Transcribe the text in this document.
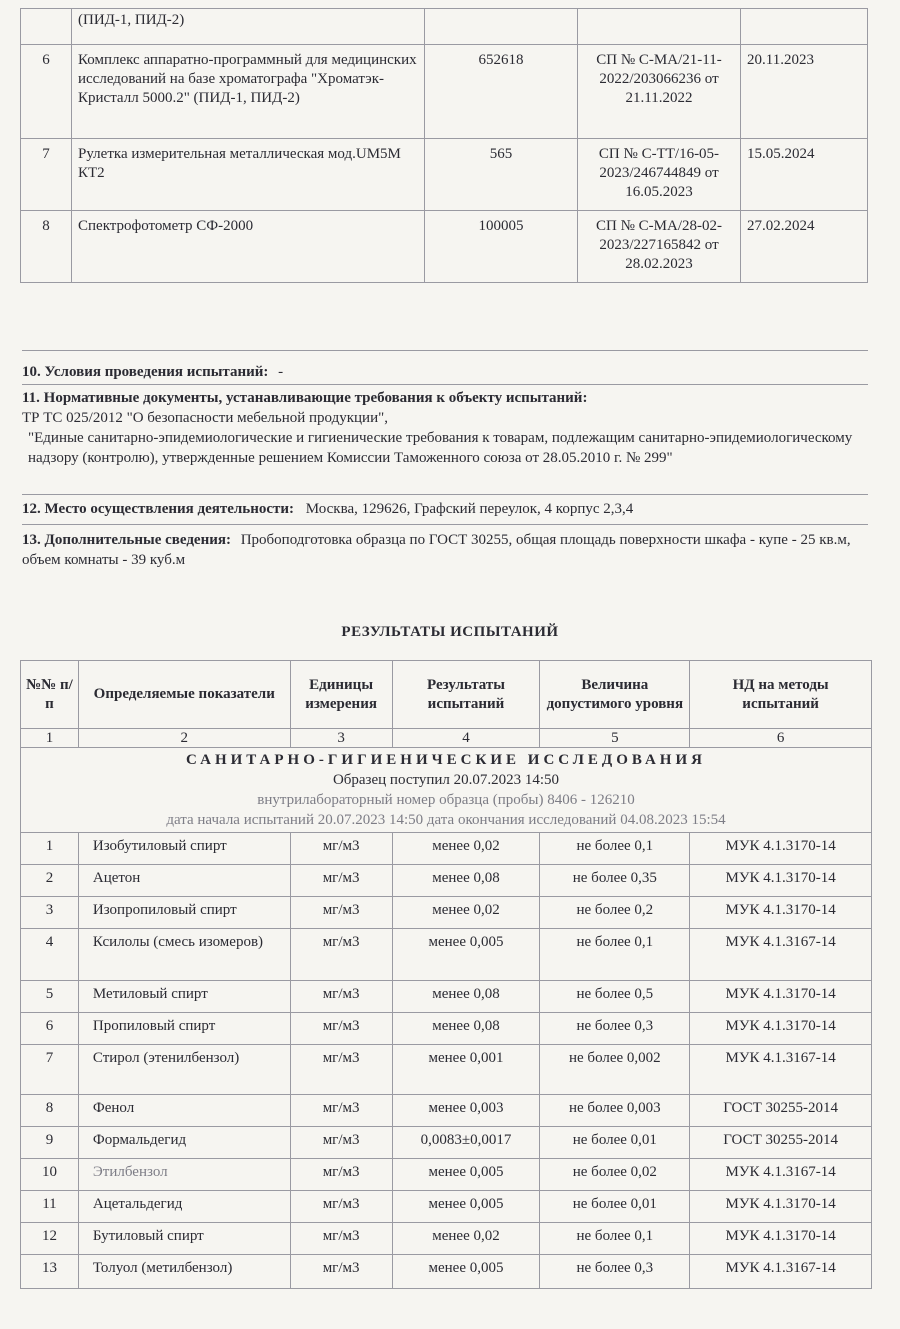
	(ПИД-1, ПИД-2)			
6	Комплекс аппаратно-программный для медицинских исследований на базе хроматографа "Хроматэк-Кристалл 5000.2" (ПИД-1, ПИД-2)	652618	СП № С-МА/21-11-2022/203066236 от 21.11.2022	20.11.2023
7	Рулетка измерительная металлическая мод.UM5M КТ2	565	СП № С-ТТ/16-05-2023/246744849 от 16.05.2023	15.05.2024
8	Спектрофотометр СФ-2000	100005	СП № С-МА/28-02-2023/227165842 от 28.02.2023	27.02.2024
10. Условия проведения испытаний: -
11. Нормативные документы, устанавливающие требования к объекту испытаний:
ТР ТС 025/2012 "О безопасности мебельной продукции",
"Единые санитарно-эпидемиологические и гигиенические требования к товарам, подлежащим санитарно-эпидемиологическому надзору (контролю), утвержденные решением Комиссии Таможенного союза от 28.05.2010 г. № 299"
12. Место осуществления деятельности: Москва, 129626, Графский переулок, 4 корпус 2,3,4
13. Дополнительные сведения: Пробоподготовка образца по ГОСТ 30255, общая площадь поверхности шкафа - купе - 25 кв.м, объем комнаты - 39 куб.м
РЕЗУЛЬТАТЫ ИСПЫТАНИЙ
№№ п/п	Определяемые показатели	Единицы измерения	Результаты испытаний	Величина допустимого уровня	НД на методы испытаний
1	2	3	4	5	6

САНИТАРНО-ГИГИЕНИЧЕСКИЕ ИССЛЕДОВАНИЯ
Образец поступил 20.07.2023 14:50
внутрилабораторный номер образца (пробы) 8406 - 126210
дата начала испытаний 20.07.2023 14:50 дата окончания исследований 04.08.2023 15:54					

1	Изобутиловый спирт	мг/м3	менее 0,02	не более 0,1	МУК 4.1.3170-14
2	Ацетон	мг/м3	менее 0,08	не более 0,35	МУК 4.1.3170-14
3	Изопропиловый спирт	мг/м3	менее 0,02	не более 0,2	МУК 4.1.3170-14
4	Ксилолы (смесь изомеров)	мг/м3	менее 0,005	не более 0,1	МУК 4.1.3167-14
5	Метиловый спирт	мг/м3	менее 0,08	не более 0,5	МУК 4.1.3170-14
6	Пропиловый спирт	мг/м3	менее 0,08	не более 0,3	МУК 4.1.3170-14
7	Стирол (этенилбензол)	мг/м3	менее 0,001	не более 0,002	МУК 4.1.3167-14
8	Фенол	мг/м3	менее 0,003	не более 0,003	ГОСТ 30255-2014
9	Формальдегид	мг/м3	0,0083±0,0017	не более 0,01	ГОСТ 30255-2014
10	Этилбензол	мг/м3	менее 0,005	не более 0,02	МУК 4.1.3167-14
11	Ацетальдегид	мг/м3	менее 0,005	не более 0,01	МУК 4.1.3170-14
12	Бутиловый спирт	мг/м3	менее 0,02	не более 0,1	МУК 4.1.3170-14
13	Толуол (метилбензол)	мг/м3	менее 0,005	не более 0,3	МУК 4.1.3167-14
